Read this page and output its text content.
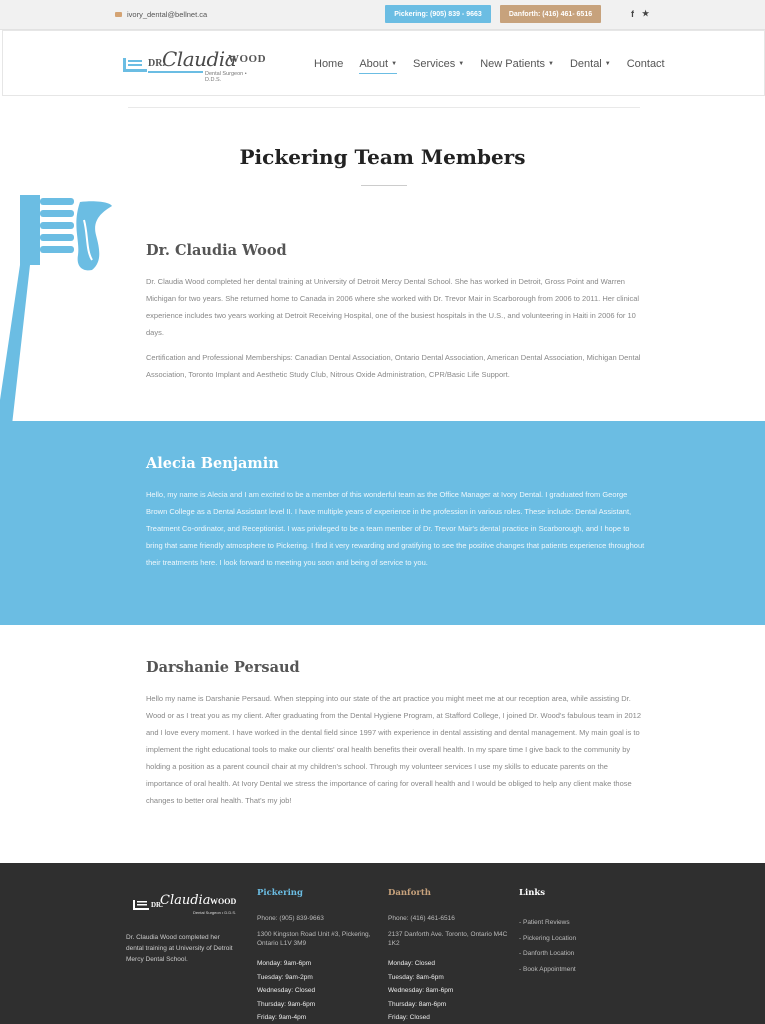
ivory_dental@bellnet.ca	Pickering: (905) 839 - 9663	Danforth: (416) 461- 6516	f ★
DR.
Claudia
WOOD
Dental Surgeon • D.D.S.
Home About ▼ Services ▼ New Patients ▼ Dental ▼ Contact
Pickering Team Members
Dr. Claudia Wood

Dr. Claudia Wood completed her dental training at University of Detroit Mercy Dental School. She has worked in Detroit, Gross Point and Warren Michigan for two years. She returned home to Canada in 2006 where she worked with Dr. Trevor Mair in Scarborough from 2006 to 2011. Her clinical experience includes two years working at Detroit Receiving Hospital, one of the busiest hospitals in the U.S., and volunteering in Haiti in 2006 for 10 days.

Certification and Professional Memberships: Canadian Dental Association, Ontario Dental Association, American Dental Association, Michigan Dental Association, Toronto Implant and Aesthetic Study Club, Nitrous Oxide Administration, CPR/Basic Life Support.

Alecia Benjamin

Hello, my name is Alecia and I am excited to be a member of this wonderful team as the Office Manager at Ivory Dental. I graduated from George Brown College as a Dental Assistant level II. I have multiple years of experience in the profession in various roles. These include: Dental Assistant, Treatment Co-ordinator, and Receptionist. I was privileged to be a team member of Dr. Trevor Mair's dental practice in Scarborough, and I hope to bring that same friendly atmosphere to Pickering. I find it very rewarding and gratifying to see the positive changes that patients experience throughout their treatments here. I look forward to meeting you soon and being of service to you.

Darshanie Persaud

Hello my name is Darshanie Persaud. When stepping into our state of the art practice you might meet me at our reception area, while assisting Dr. Wood or as I treat you as my client. After graduating from the Dental Hygiene Program, at Stafford College, I joined Dr. Wood's fabulous team in 2012 and I love every moment. I have worked in the dental field since 1997 with experience in dental assisting and dental management. My main goal is to implement the right educational tools to make our clients' oral health benefits their overall health. In my spare time I give back to the community by holding a position as a parent council chair at my children's school. Through my volunteer services I use my skills to educate parents on the importance of oral health. At Ivory Dental we stress the importance of caring for overall health and I would be obliged to help any client make those changes to better oral health. That's my job!

DR.
Claudia WOOD
Dental Surgeon • D.D.S.

Dr. Claudia Wood completed her dental training at University of Detroit Mercy Dental School.

Pickering
Phone: (905) 839-9663
1300 Kingston Road Unit #3, Pickering, Ontario L1V 3M9
Monday: 9am-6pm
Tuesday: 9am-2pm
Wednesday: Closed
Thursday: 9am-6pm
Friday: 9am-4pm
Danforth
Phone: (416) 461-6516
2137 Danforth Ave. Toronto, Ontario M4C 1K2
Monday: Closed
Tuesday: 8am-6pm
Wednesday: 8am-6pm
Thursday: 8am-6pm
Friday: Closed
Links
- Patient Reviews
- Pickering Location
- Danforth Location
- Book Appointment
